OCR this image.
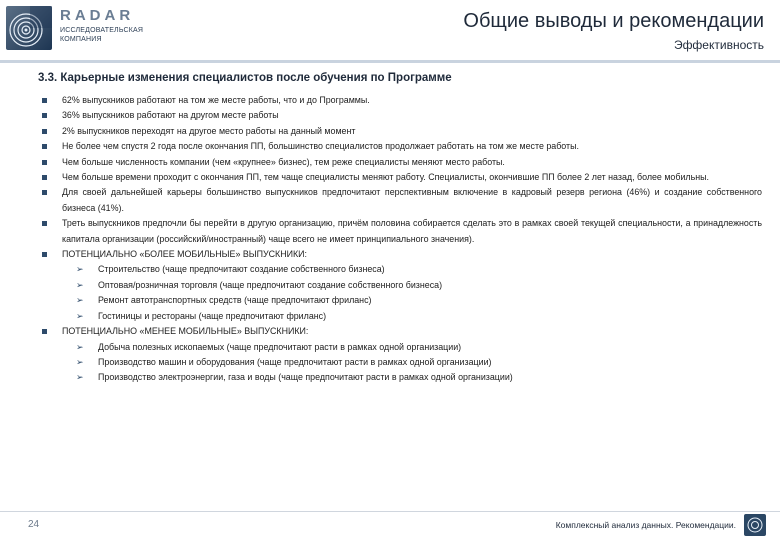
RADAR
ИССЛЕДОВАТЕЛЬСКАЯ КОМПАНИЯ
Общие выводы и рекомендации
Эффективность
3.3. Карьерные изменения специалистов после обучения по Программе
62% выпускников работают на том же месте работы, что и до Программы.
36% выпускников работают на другом месте работы
2% выпускников переходят на другое место работы на данный момент
Не более чем спустя 2 года после окончания ПП, большинство специалистов продолжает работать на том же месте работы.
Чем больше численность компании (чем «крупнее» бизнес), тем реже специалисты меняют место работы.
Чем больше времени проходит с окончания ПП, тем чаще специалисты меняют работу. Специалисты, окончившие ПП более 2 лет назад, более мобильны.
Для своей дальнейшей карьеры большинство выпускников предпочитают перспективным включение в кадровый резерв региона (46%) и создание собственного бизнеса (41%).
Треть выпускников предпочли бы перейти в другую организацию, причём половина собирается сделать это в рамках своей текущей специальности, а принадлежность капитала организации (российский/иностранный) чаще всего не имеет принципиального значения).
ПОТЕНЦИАЛЬНО «БОЛЕЕ МОБИЛЬНЫЕ» ВЫПУСКНИКИ:
➢ Строительство (чаще предпочитают создание собственного бизнеса)
➢ Оптовая/розничная торговля (чаще предпочитают создание собственного бизнеса)
➢ Ремонт автотранспортных средств (чаще предпочитают фриланс)
➢ Гостиницы и рестораны (чаще предпочитают фриланс)
ПОТЕНЦИАЛЬНО «МЕНЕЕ МОБИЛЬНЫЕ» ВЫПУСКНИКИ:
➢ Добыча полезных ископаемых (чаще предпочитают расти в рамках одной организации)
➢ Производство машин и оборудования (чаще предпочитают расти в рамках одной организации)
➢ Производство электроэнергии, газа и воды (чаще предпочитают расти в рамках одной организации)
24	Комплексный анализ данных. Рекомендации.
